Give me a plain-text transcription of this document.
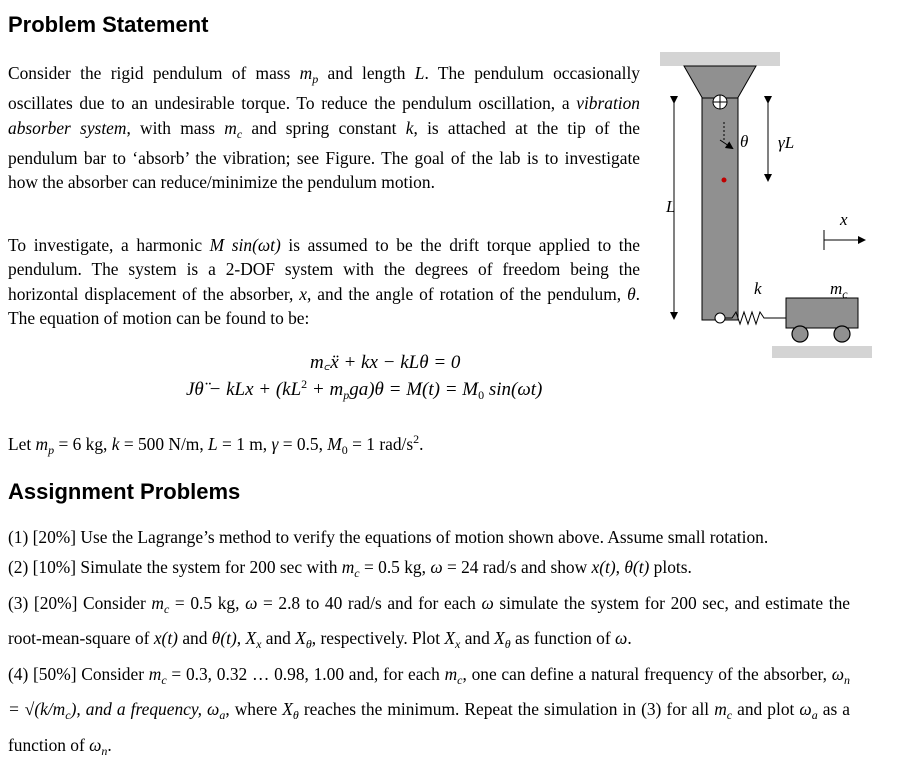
Problem Statement

Consider the rigid pendulum of mass $m_p$ and length L. The pendulum occasionally oscillates due to an undesirable torque. To reduce the pendulum oscillation, a vibration absorber system, with mass $m_c$ and spring constant k, is attached at the tip of the pendulum bar to ‘absorb’ the vibration; see Figure. The goal of the lab is to investigate how the absorber can reduce/minimize the pendulum motion.

To investigate, a harmonic M sin(ωt) is assumed to be the drift torque applied to the pendulum. The system is a 2-DOF system with the degrees of freedom being the horizontal displacement of the absorber, x, and the angle of rotation of the pendulum, θ. The equation of motion can be found to be:

m꜀ẍ + kx − kLθ = 0

Jθ̈ − kLx + $(kL^2 + m_pga)\theta = M(t) = M_0$ sin(ωt)

Let $m_p = 6$ kg, k = 500 N/m, L = 1 m, γ = 0.5, $M_0 = 1$ rad/$s^2$.

Assignment Problems

(1) [20%] Use the Lagrange’s method to verify the equations of motion shown above. Assume small rotation.

(2) [10%] Simulate the system for 200 sec with $m_c = 0.5$ kg, ω = 24 rad/s and show x(t), θ(t) plots.

(3) [20%] Consider $m_c = 0.5$ kg, ω = 2.8 to 40 rad/s and for each ω simulate the system for 200 sec, and estimate the root-mean-square of x(t) and θ(t), $X_x$ and $X_\theta$, respectively. Plot $X_x$ and $X_\theta$ as function of ω.

(4) [50%] Consider $m_c = 0.3$, 0.32 … 0.98, 1.00 and, for each $m_c$, one can define a natural frequency of the absorber, $\omega_n = √(k/m_c)$, and a frequency, $\omega_a$, where $X_\theta$ reaches the minimum. Repeat the simulation in (3) for all $m_c$ and plot $\omega_a$ as a function of $\omega_n$.

θ γL
L
x
k	$m_c$
